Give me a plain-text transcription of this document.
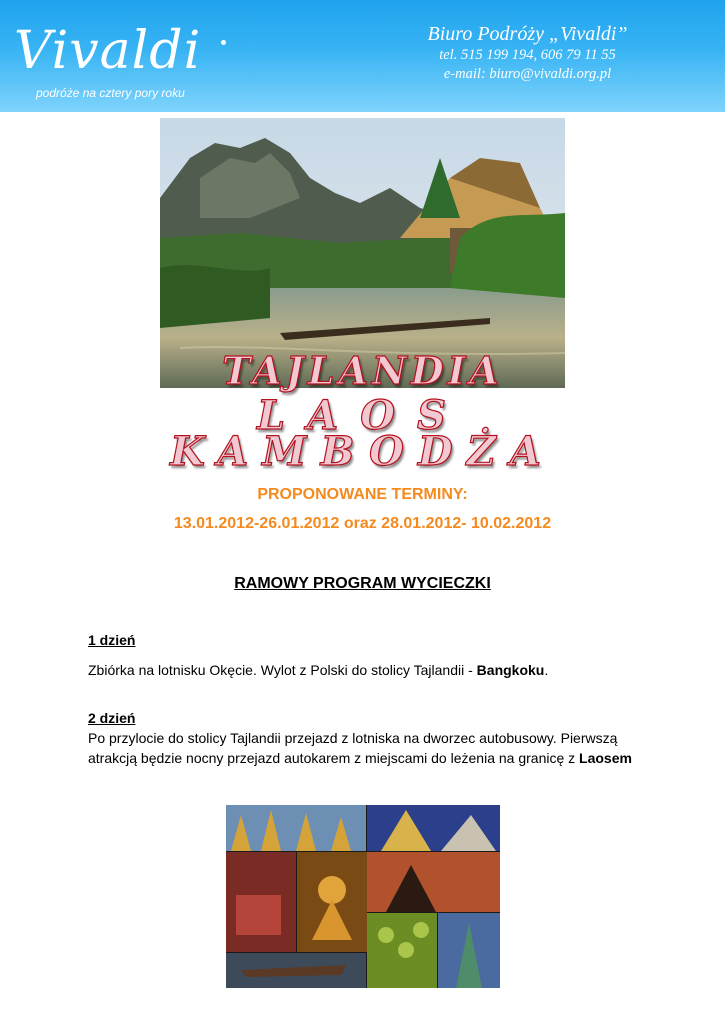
Vivaldi
podróże na cztery pory roku
Biuro Podróży „Vivaldi”
tel. 515 199 194, 606 79 11 55
e-mail: biuro@vivaldi.org.pl
TAJLANDIA
LAOS
KAMBODŻA
PROPONOWANE TERMINY:
13.01.2012-26.01.2012 oraz 28.01.2012- 10.02.2012
RAMOWY PROGRAM WYCIECZKI
1 dzień
Zbiórka na lotnisku Okęcie. Wylot z Polski do stolicy Tajlandii - Bangkoku.
2 dzień
Po przylocie do stolicy Tajlandii przejazd z lotniska na dworzec autobusowy. Pierwszą atrakcją będzie nocny przejazd autokarem z miejscami do leżenia na granicę z Laosem
